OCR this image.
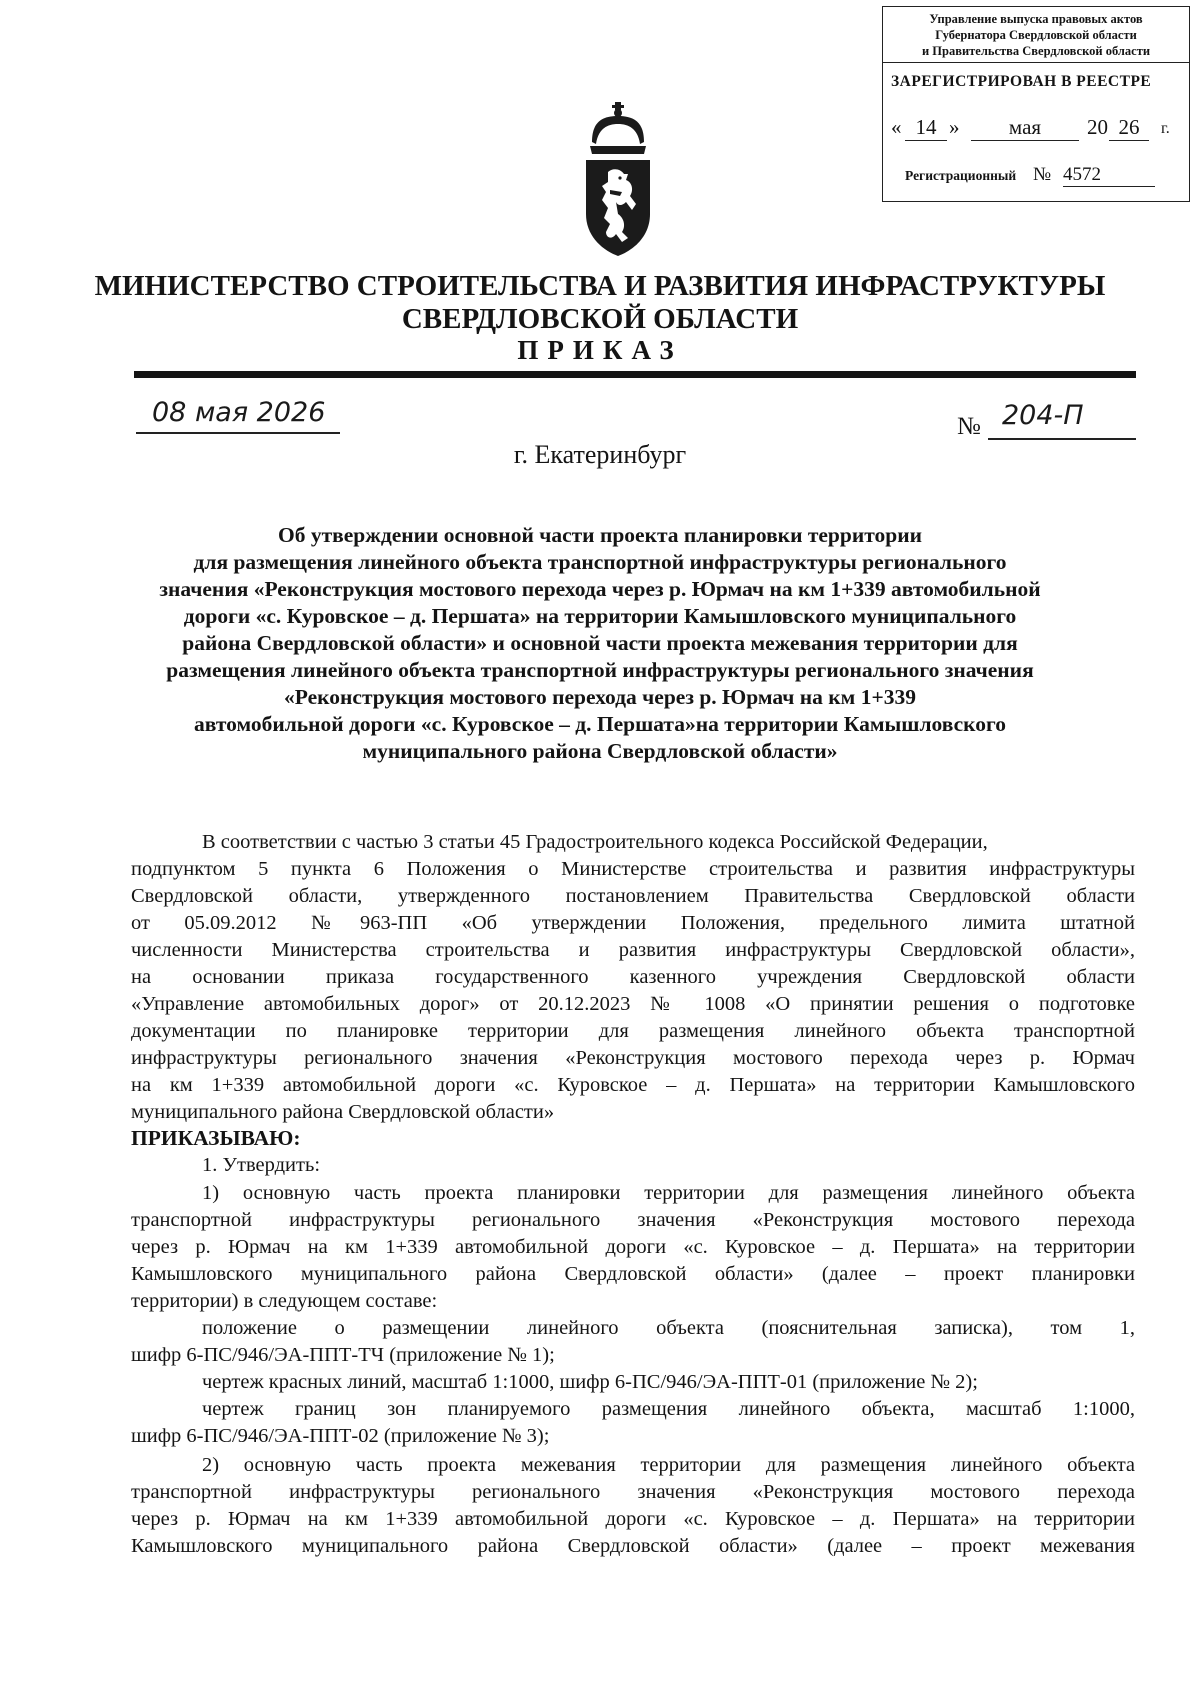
Управление выпуска правовых актов
Губернатора Свердловской области
и Правительства Свердловской области
ЗАРЕГИСТРИРОВАН В РЕЕСТРЕ
« 14 »	мая	20 26	г.
Регистрационный № 4572
МИНИСТЕРСТВО СТРОИТЕЛЬСТВА И РАЗВИТИЯ ИНФРАСТРУКТУРЫ
СВЕРДЛОВСКОЙ ОБЛАСТИ
ПРИКАЗ
08 мая 2026	№ 204-П
г. Екатеринбург
Об утверждении основной части проекта планировки территории
для размещения линейного объекта транспортной инфраструктуры регионального
значения «Реконструкция мостового перехода через р. Юрмач на км 1+339 автомобильной
дороги «с. Куровское – д. Першата» на территории Камышловского муниципального
района Свердловской области» и основной части проекта межевания территории для
размещения линейного объекта транспортной инфраструктуры регионального значения
«Реконструкция мостового перехода через р. Юрмач на км 1+339
автомобильной дороги «с. Куровское – д. Першата»на территории Камышловского
муниципального района Свердловской области»
В соответствии с частью 3 статьи 45 Градостроительного кодекса Российской Федерации,
подпунктом 5 пункта 6 Положения о Министерстве строительства и развития инфраструктуры
Свердловской области, утвержденного постановлением Правительства Свердловской области
от 05.09.2012 №963-ПП «Об утверждении Положения, предельного лимита штатной
численности Министерства строительства и развития инфраструктуры Свердловской области»,
на основании приказа государственного казенного учреждения Свердловской области
«Управление автомобильных дорог» от 20.12.2023 № 1008 «О принятии решения о подготовке
документации по планировке территории для размещения линейного объекта транспортной
инфраструктуры регионального значения «Реконструкция мостового перехода через р. Юрмач
на км 1+339 автомобильной дороги «с. Куровское – д. Першата» на территории Камышловского
муниципального района Свердловской области»
ПРИКАЗЫВАЮ:
1. Утвердить:
1) основную часть проекта планировки территории для размещения линейного объекта
транспортной инфраструктуры регионального значения «Реконструкция мостового перехода
через р. Юрмач на км 1+339 автомобильной дороги «с. Куровское – д. Першата» на территории
Камышловского муниципального района Свердловской области» (далее – проект планировки
территории) в следующем составе:
положение о размещении линейного объекта (пояснительная записка), том 1,
шифр 6-ПС/946/ЭА-ППТ-ТЧ (приложение № 1);
чертеж красных линий, масштаб 1:1000, шифр 6-ПС/946/ЭА-ППТ-01 (приложение № 2);
чертеж границ зон планируемого размещения линейного объекта, масштаб 1:1000,
шифр 6-ПС/946/ЭА-ППТ-02 (приложение № 3);
2) основную часть проекта межевания территории для размещения линейного объекта
транспортной инфраструктуры регионального значения «Реконструкция мостового перехода
через р. Юрмач на км 1+339 автомобильной дороги «с. Куровское – д. Першата» на территории
Камышловского муниципального района Свердловской области» (далее – проект межевания
